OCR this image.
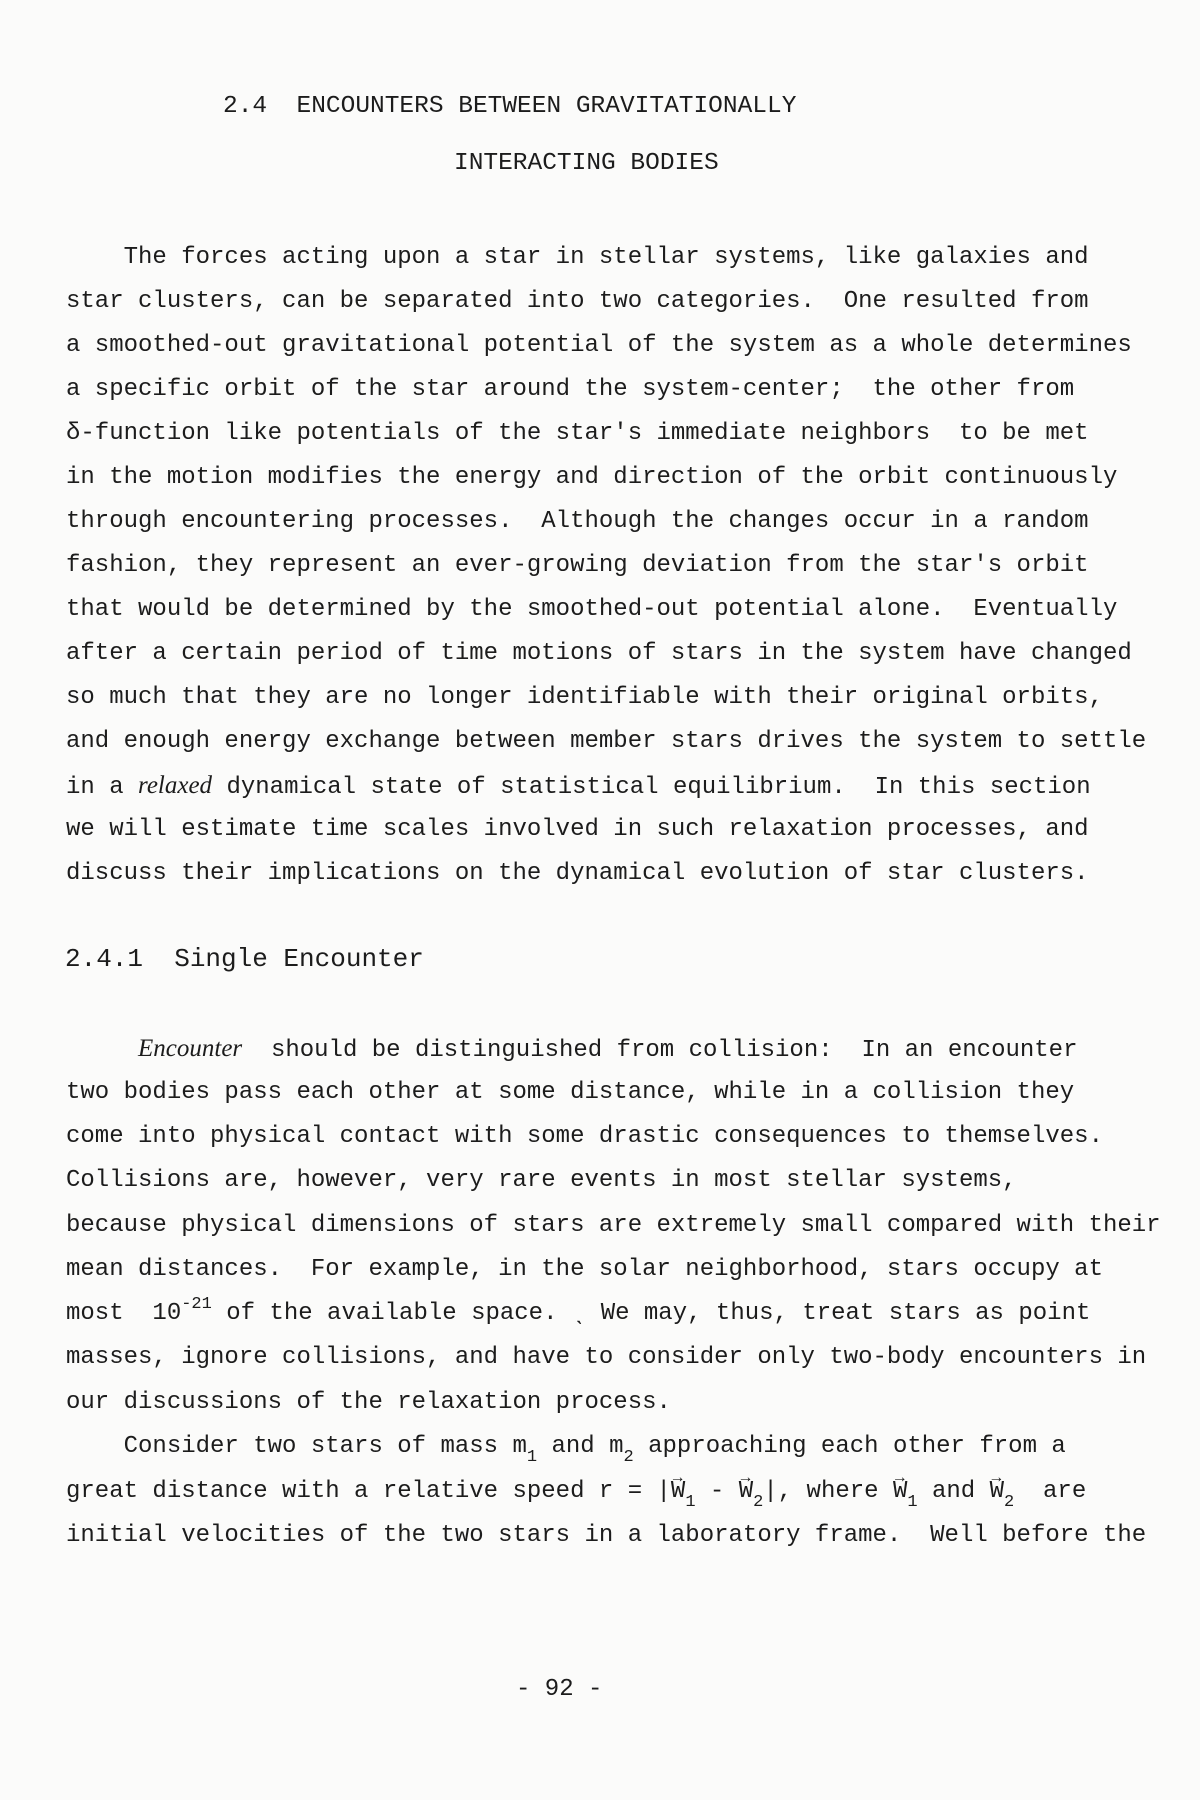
2.4  ENCOUNTERS BETWEEN GRAVITATIONALLY
INTERACTING BODIES
The forces acting upon a star in stellar systems, like galaxies and
star clusters, can be separated into two categories.  One resulted from
a smoothed-out gravitational potential of the system as a whole determines
a specific orbit of the star around the system-center;  the other from
δ-function like potentials of the star's immediate neighbors  to be met
in the motion modifies the energy and direction of the orbit continuously
through encountering processes.  Although the changes occur in a random
fashion, they represent an ever-growing deviation from the star's orbit
that would be determined by the smoothed-out potential alone.  Eventually
after a certain period of time motions of stars in the system have changed
so much that they are no longer identifiable with their original orbits,
and enough energy exchange between member stars drives the system to settle
in a relaxed dynamical state of statistical equilibrium.  In this section
we will estimate time scales involved in such relaxation processes, and
discuss their implications on the dynamical evolution of star clusters.
2.4.1  Single Encounter
Encounter  should be distinguished from collision:  In an encounter
two bodies pass each other at some distance, while in a collision they
come into physical contact with some drastic consequences to themselves.
Collisions are, however, very rare events in most stellar systems,
because physical dimensions of stars are extremely small compared with their
mean distances.  For example, in the solar neighborhood, stars occupy at
most  $10^{-21}$ of the available space. ˎ We may, thus, treat stars as point
masses, ignore collisions, and have to consider only two-body encounters in
our discussions of the relaxation process.
Consider two stars of mass $m_1$ and $m_2$ approaching each other from a
great distance with a relative speed r = |→ $W_1$ - → $W_2|$, where → $W_1$ and → $W_2$  are
initial velocities of the two stars in a laboratory frame.  Well before the
- 92 -
